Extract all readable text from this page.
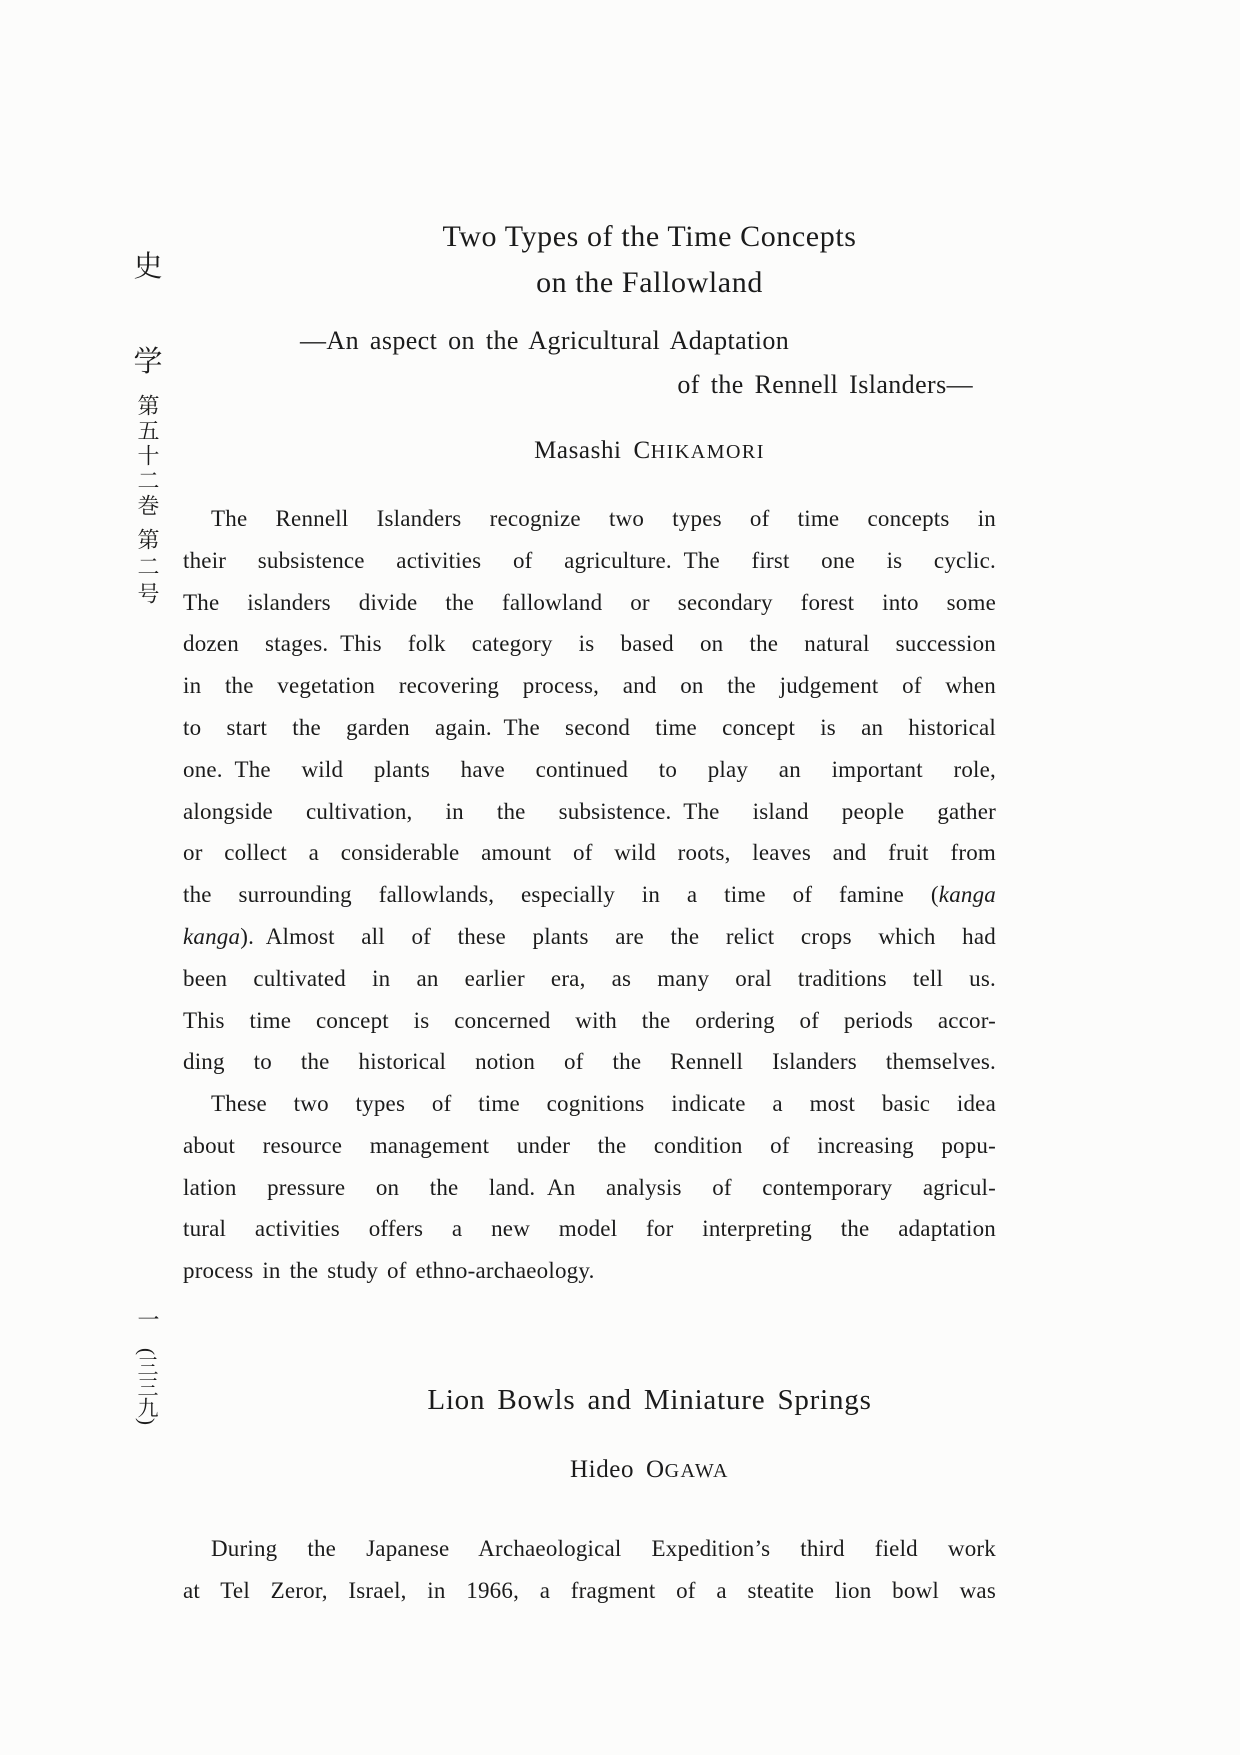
史
学
第五十二巻
第二号
一
(三三九)
Two Types of the Time Concepts
on the Fallowland
—An aspect on the Agricultural Adaptation
of the Rennell Islanders—
Masashi CHIKAMORI
The Rennell Islanders recognize two types of time concepts in
their subsistence activities of agriculture. The first one is cyclic.
The islanders divide the fallowland or secondary forest into some
dozen stages. This folk category is based on the natural succession
in the vegetation recovering process, and on the judgement of when
to start the garden again. The second time concept is an historical
one. The wild plants have continued to play an important role,
alongside cultivation, in the subsistence. The island people gather
or collect a considerable amount of wild roots, leaves and fruit from
the surrounding fallowlands, especially in a time of famine (kanga
kanga). Almost all of these plants are the relict crops which had
been cultivated in an earlier era, as many oral traditions tell us.
This time concept is concerned with the ordering of periods accor-
ding to the historical notion of the Rennell Islanders themselves.
These two types of time cognitions indicate a most basic idea
about resource management under the condition of increasing popu-
lation pressure on the land. An analysis of contemporary agricul-
tural activities offers a new model for interpreting the adaptation
process in the study of ethno-archaeology.
Lion Bowls and Miniature Springs
Hideo OGAWA
During the Japanese Archaeological Expedition’s third field work
at Tel Zeror, Israel, in 1966, a fragment of a steatite lion bowl was
